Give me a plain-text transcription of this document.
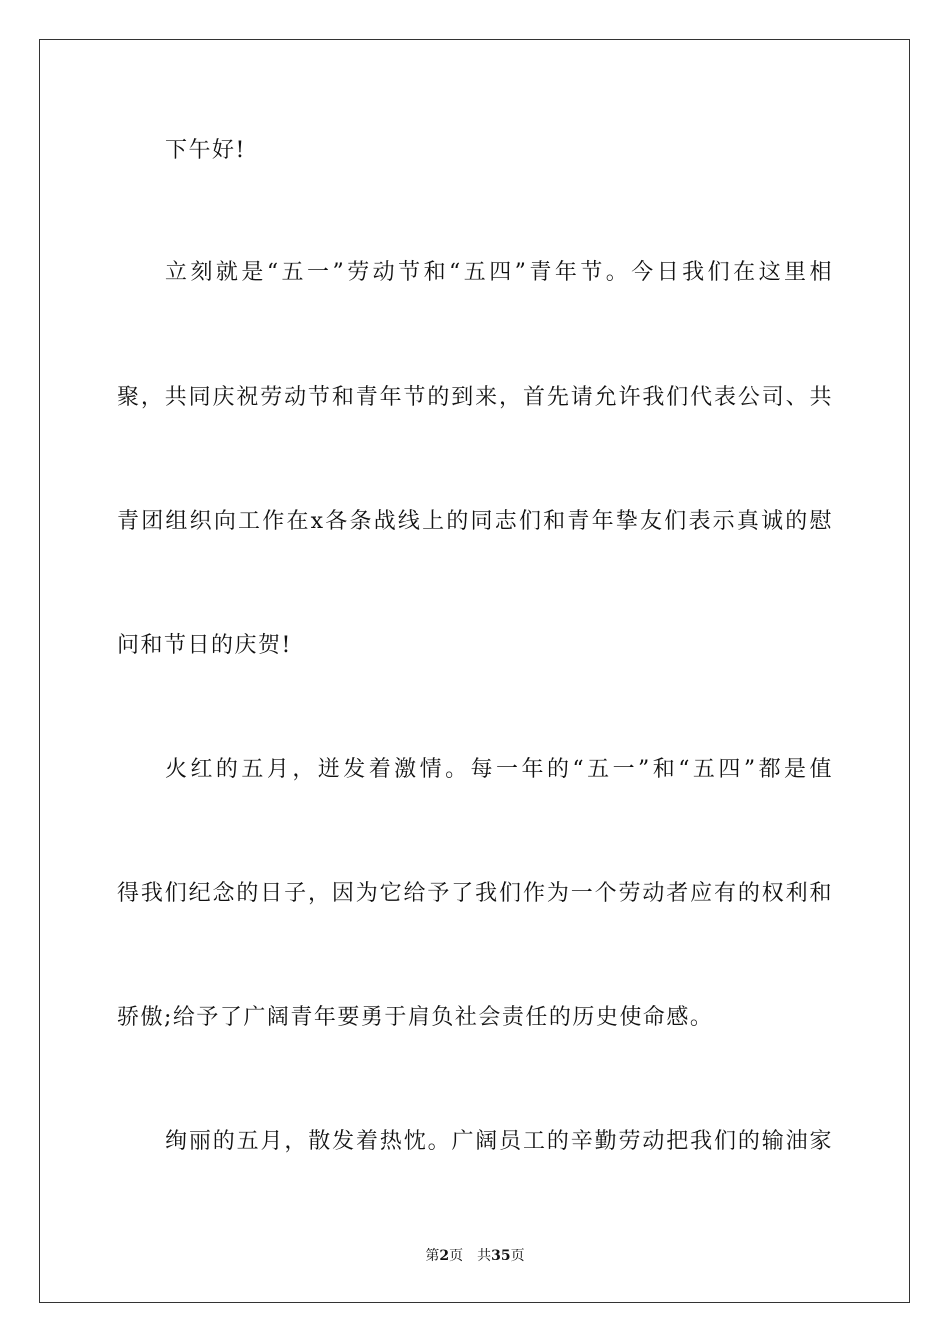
下午好!
立刻就是“五一”劳动节和“五四”青年节。今日我们在这里相
聚，共同庆祝劳动节和青年节的到来，首先请允许我们代表公司、共
青团组织向工作在x各条战线上的同志们和青年挚友们表示真诚的慰
问和节日的庆贺!
火红的五月，迸发着激情。每一年的“五一”和“五四”都是值
得我们纪念的日子，因为它给予了我们作为一个劳动者应有的权利和
骄傲;给予了广阔青年要勇于肩负社会责任的历史使命感。
绚丽的五月，散发着热忱。广阔员工的辛勤劳动把我们的输油家
第2页 共35页
